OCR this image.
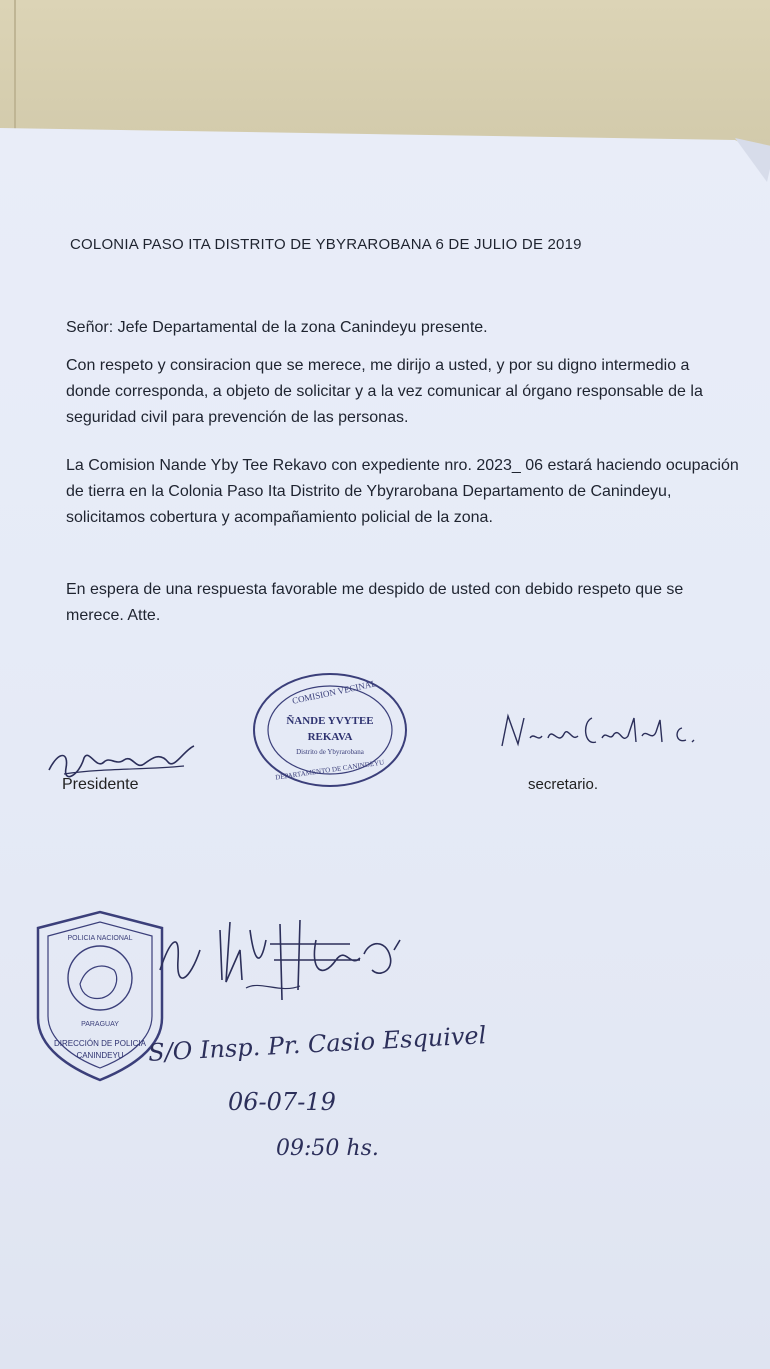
COLONIA PASO ITA DISTRITO DE YBYRAROBANA 6 DE JULIO DE 2019
Señor: Jefe Departamental de la zona Canindeyu presente.
Con respeto y consiracion que se merece, me dirijo a usted, y por su digno intermedio a donde corresponda, a objeto de solicitar y a la vez comunicar al órgano responsable de la seguridad civil para prevención de las personas.
La Comision Nande Yby Tee Rekavo con expediente nro. 2023_ 06 estará haciendo ocupación de tierra en la Colonia Paso Ita Distrito de Ybyrarobana Departamento de Canindeyu, solicitamos cobertura y acompañamiento policial de la zona.
En espera de una respuesta favorable me despido de usted con debido respeto que se merece. Atte.
Presidente
COMISION VECINAL
ÑANDE YVYTEE
REKAVA
Distrito de Ybyrarobana
DEPARTAMENTO DE CANINDEYU
secretario.
POLICIA NACIONAL
PARAGUAY
DIRECCIÓN DE POLICIA
CANINDEYU S/O Insp. Pr. Casio Esquivel
06-07-19
09:50 hs.
